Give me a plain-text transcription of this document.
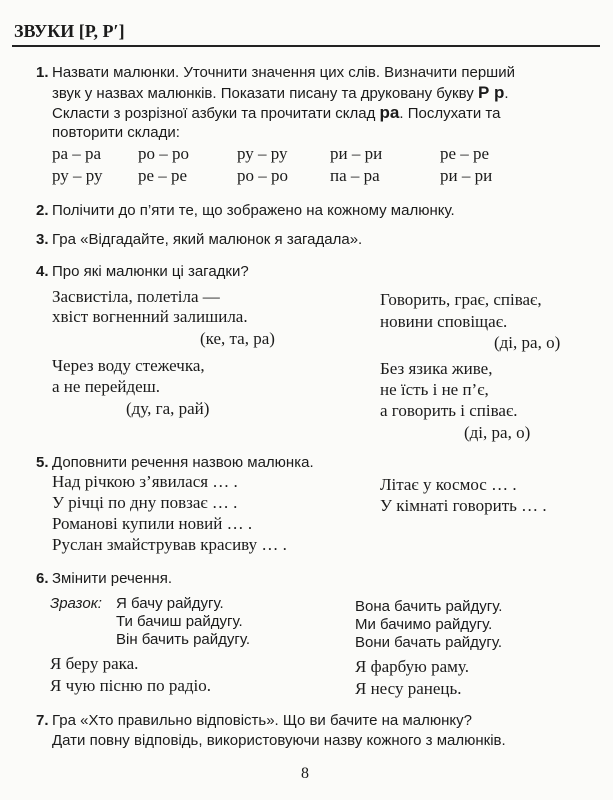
ЗВУКИ [Р, Р′]
1. Назвати малюнки. Уточнити значення цих слів. Визначити перший
звук у назвах малюнків. Показати писану та друковану букву Р р.
Скласти з розрізної азбуки та прочитати склад ра. Послухати та
повторити склади:
ра – ра ро – ро	ру – ру ри – ри	ре – ре
ру – ру ре – ре	ро – ро па – ра	ри – ри
2. Полічити до п’яти те, що зображено на кожному малюнку.
3. Гра «Відгадайте, який малюнок я загадала».
4. Про які малюнки ці загадки?
Засвистіла, полетіла —
хвіст вогненний залишила.
(ке, та, ра)
Говорить, грає, співає,
новини сповіщає.
(ді, ра, о)
Через воду стежечка,
а не перейдеш.
(ду, га, рай)
Без язика живе,
не їсть і не п’є,
а говорить і співає.
(ді, ра, о)
5. Доповнити речення назвою малюнка.
Над річкою з’явилася … .
У річці по дну повзає … .
Романові купили новий … .
Руслан змайстрував красиву … .
Літає у космос … .
У кімнаті говорить … .
6. Змінити речення.
Зразок: Я бачу райдугу.
Ти бачиш райдугу.
Він бачить райдугу.
Вона бачить райдугу.
Ми бачимо райдугу.
Вони бачать райдугу.
Я беру рака.
Я чую пісню по радіо.
Я фарбую раму.
Я несу ранець.
7. Гра «Хто правильно відповість». Що ви бачите на малюнку?
Дати повну відповідь, використовуючи назву кожного з малюнків.
8
